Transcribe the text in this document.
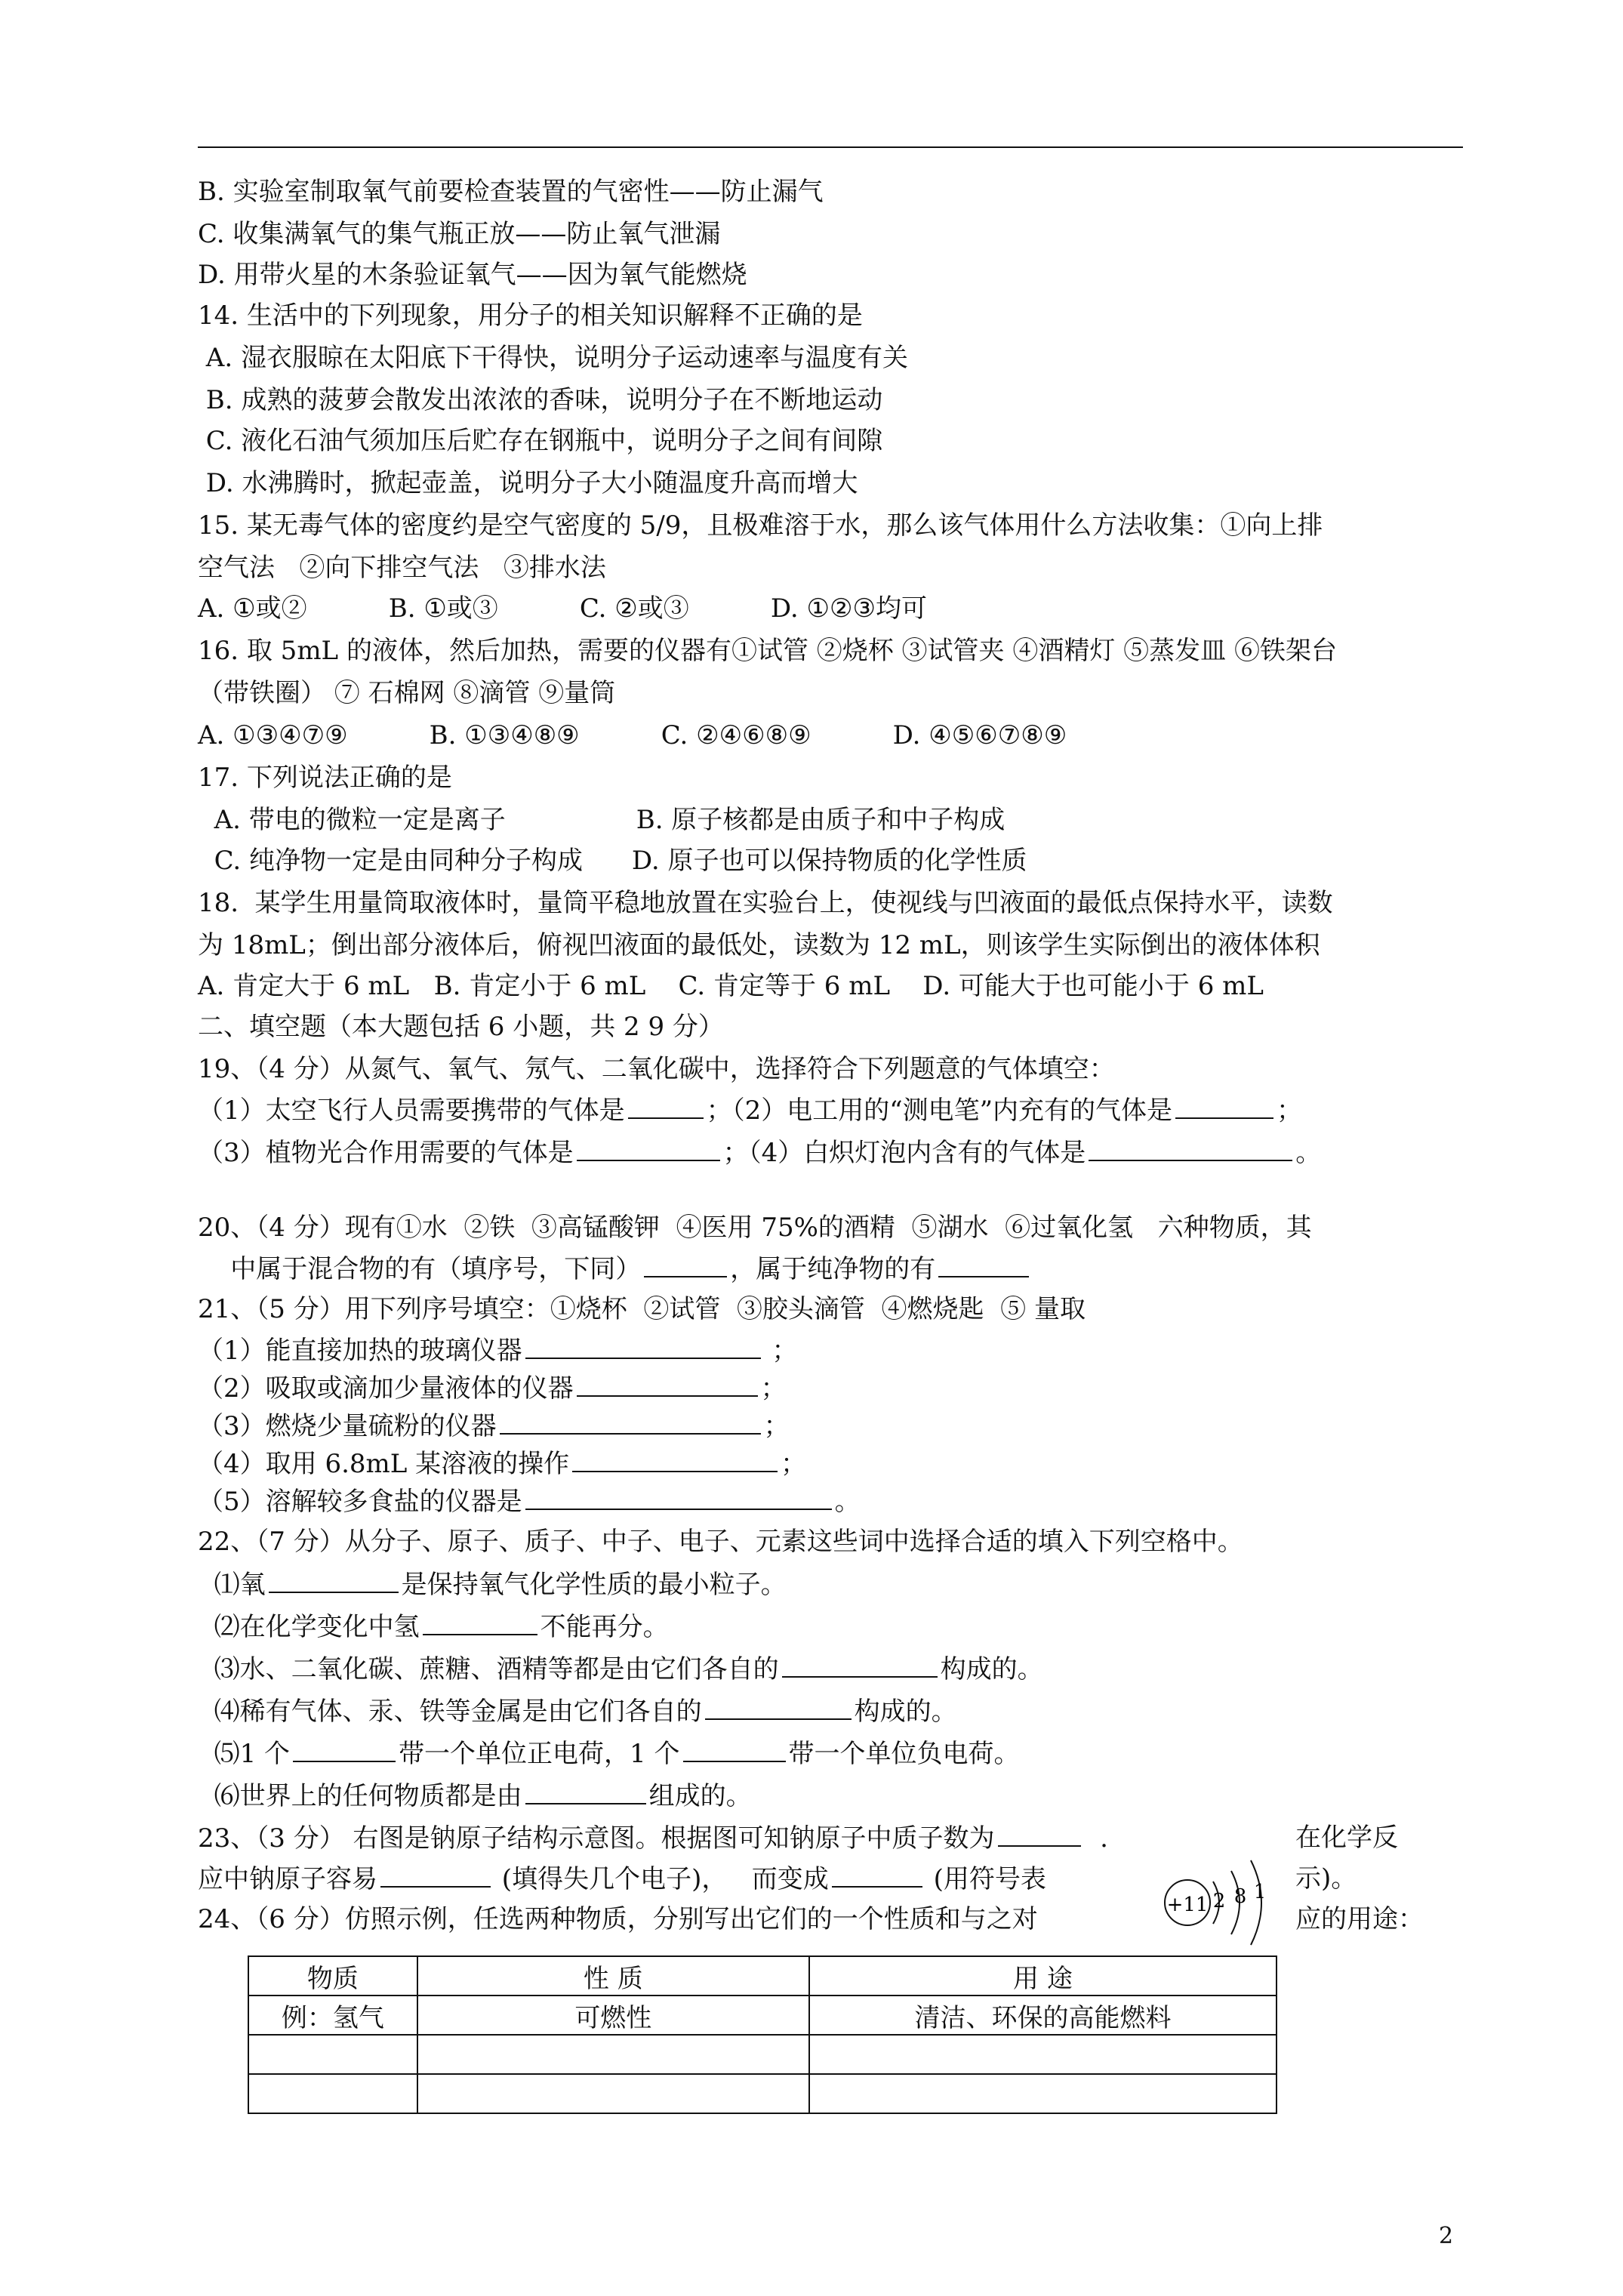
B. 实验室制取氧气前要检查装置的气密性——防止漏气
C. 收集满氧气的集气瓶正放——防止氧气泄漏
D. 用带火星的木条验证氧气——因为氧气能燃烧
14. 生活中的下列现象，用分子的相关知识解释不正确的是
A. 湿衣服晾在太阳底下干得快，说明分子运动速率与温度有关
B. 成熟的菠萝会散发出浓浓的香味，说明分子在不断地运动
C. 液化石油气须加压后贮存在钢瓶中，说明分子之间有间隙
D. 水沸腾时，掀起壶盖，说明分子大小随温度升高而增大
15. 某无毒气体的密度约是空气密度的 5/9，且极难溶于水，那么该气体用什么方法收集：①向上排
空气法   ②向下排空气法   ③排水法
A. ①或②          B. ①或③          C. ②或③          D. ①②③均可
16. 取 5mL 的液体，然后加热，需要的仪器有①试管 ②烧杯 ③试管夹 ④酒精灯 ⑤蒸发皿 ⑥铁架台
（带铁圈） ⑦ 石棉网 ⑧滴管 ⑨量筒
A. ①③④⑦⑨          B. ①③④⑧⑨          C. ②④⑥⑧⑨          D. ④⑤⑥⑦⑧⑨
17. 下列说法正确的是
A. 带电的微粒一定是离子                B. 原子核都是由质子和中子构成
C. 纯净物一定是由同种分子构成      D. 原子也可以保持物质的化学性质
18.  某学生用量筒取液体时，量筒平稳地放置在实验台上，使视线与凹液面的最低点保持水平，读数
为 18mL；倒出部分液体后，俯视凹液面的最低处，读数为 12 mL，则该学生实际倒出的液体体积
A. 肯定大于 6 mL   B. 肯定小于 6 mL    C. 肯定等于 6 mL    D. 可能大于也可能小于 6 mL
二、填空题（本大题包括 6 小题，共 2 9 分）
19、（4 分）从氮气、氧气、氖气、二氧化碳中，选择符合下列题意的气体填空：
（1）太空飞行人员需要携带的气体是	；（2）电工用的“测电笔”内充有的气体是	；
（3）植物光合作用需要的气体是	；（4）白炽灯泡内含有的气体是	。
20、（4 分）现有①水  ②铁  ③高锰酸钾  ④医用 75%的酒精  ⑤湖水  ⑥过氧化氢   六种物质，其
中属于混合物的有（填序号，下同）	，属于纯净物的有
21、（5 分）用下列序号填空：①烧杯  ②试管  ③胶头滴管  ④燃烧匙  ⑤ 量取
（1）能直接加热的玻璃仪器	；
（2）吸取或滴加少量液体的仪器	；
（3）燃烧少量硫粉的仪器	；
（4）取用 6.8mL 某溶液的操作	；
（5）溶解较多食盐的仪器是	。
22、（7 分）从分子、原子、质子、中子、电子、元素这些词中选择合适的填入下列空格中。
⑴氧	是保持氧气化学性质的最小粒子。
⑵在化学变化中氢	不能再分。
⑶水、二氧化碳、蔗糖、酒精等都是由它们各自的	构成的。
⑷稀有气体、汞、铁等金属是由它们各自的	构成的。
⑸1 个	带一个单位正电荷，1 个	带一个单位负电荷。
⑹世界上的任何物质都是由	组成的。
23、（3 分） 右图是钠原子结构示意图。根据图可知钠原子中质子数为	.	在化学反
应中钠原子容易	(填得失几个电子)，   而变成	(用符号表	示)。
+11 2 8 1
24、（6 分）仿照示例，任选两种物质，分别写出它们的一个性质和与之对	应的用途：
物质	性 质	用 途
例：氢气	可燃性	清洁、环保的高能燃料

2
